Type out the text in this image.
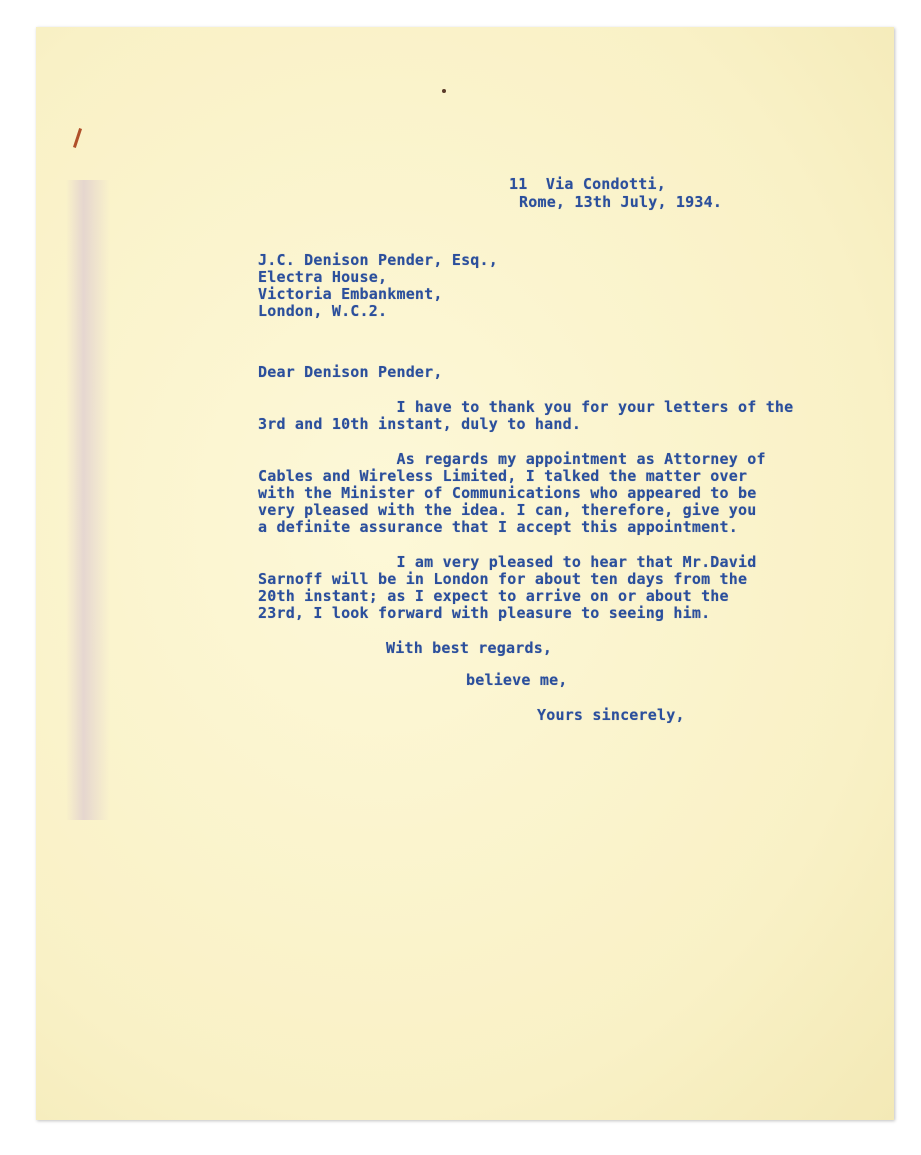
11  Via Condotti,
Rome, 13th July, 1934.
J.C. Denison Pender, Esq.,
Electra House,
Victoria Embankment,
London, W.C.2.
Dear Denison Pender,
I have to thank you for your letters of the
3rd and 10th instant, duly to hand.
As regards my appointment as Attorney of
Cables and Wireless Limited, I talked the matter over
with the Minister of Communications who appeared to be
very pleased with the idea. I can, therefore, give you
a definite assurance that I accept this appointment.
I am very pleased to hear that Mr.David
Sarnoff will be in London for about ten days from the
20th instant; as I expect to arrive on or about the
23rd, I look forward with pleasure to seeing him.
With best regards,
believe me,
Yours sincerely,
